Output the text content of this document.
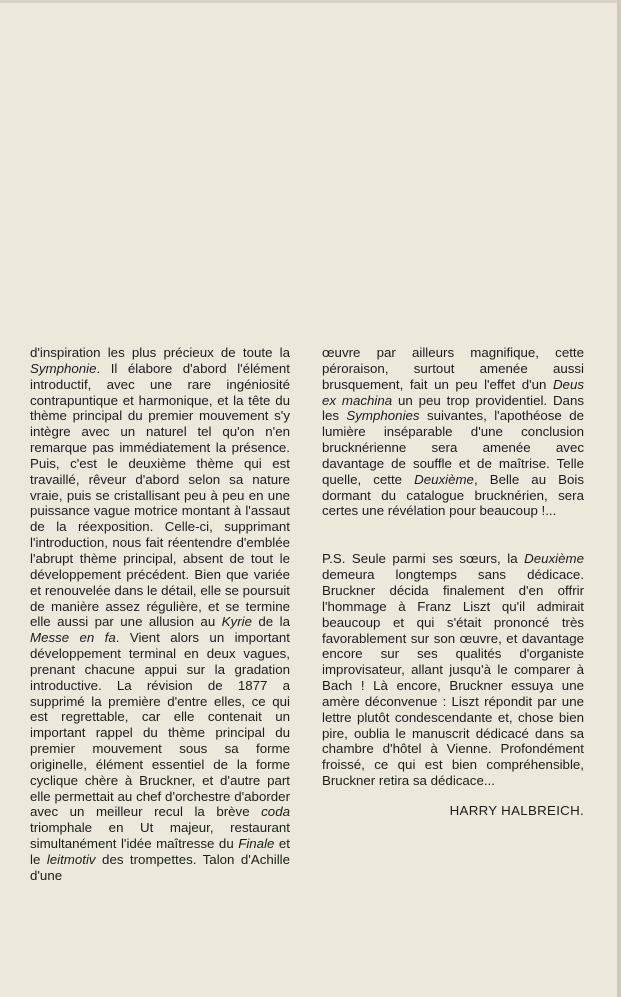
d'inspiration les plus précieux de toute la Symphonie. Il élabore d'abord l'élément introductif, avec une rare ingéniosité contrapuntique et harmonique, et la tête du thème principal du premier mouvement s'y intègre avec un naturel tel qu'on n'en remarque pas immédiatement la présence. Puis, c'est le deuxième thème qui est travaillé, rêveur d'abord selon sa nature vraie, puis se cristallisant peu à peu en une puissance vague motrice montant à l'assaut de la réexposition. Celle-ci, supprimant l'introduction, nous fait réentendre d'emblée l'abrupt thème principal, absent de tout le développement précédent. Bien que variée et renouvelée dans le détail, elle se poursuit de manière assez régulière, et se termine elle aussi par une allusion au Kyrie de la Messe en fa. Vient alors un important développement terminal en deux vagues, prenant chacune appui sur la gradation introductive. La révision de 1877 a supprimé la première d'entre elles, ce qui est regrettable, car elle contenait un important rappel du thème principal du premier mouvement sous sa forme originelle, élément essentiel de la forme cyclique chère à Bruckner, et d'autre part elle permettait au chef d'orchestre d'aborder avec un meilleur recul la brève coda triomphale en Ut majeur, restaurant simultanément l'idée maîtresse du Finale et le leitmotiv des trompettes. Talon d'Achille d'une

œuvre par ailleurs magnifique, cette péroraison, surtout amenée aussi brusquement, fait un peu l'effet d'un Deus ex machina un peu trop providentiel. Dans les Symphonies suivantes, l'apothéose de lumière inséparable d'une conclusion brucknérienne sera amenée avec davantage de souffle et de maîtrise. Telle quelle, cette Deuxième, Belle au Bois dormant du catalogue brucknérien, sera certes une révélation pour beaucoup !...

P.S. Seule parmi ses sœurs, la Deuxième demeura longtemps sans dédicace. Bruckner décida finalement d'en offrir l'hommage à Franz Liszt qu'il admirait beaucoup et qui s'était prononcé très favorablement sur son œuvre, et davantage encore sur ses qualités d'organiste improvisateur, allant jusqu'à le comparer à Bach ! Là encore, Bruckner essuya une amère déconvenue : Liszt répondit par une lettre plutôt condescendante et, chose bien pire, oublia le manuscrit dédicacé dans sa chambre d'hôtel à Vienne. Profondément froissé, ce qui est bien compréhensible, Bruckner retira sa dédicace...

HARRY HALBREICH.
